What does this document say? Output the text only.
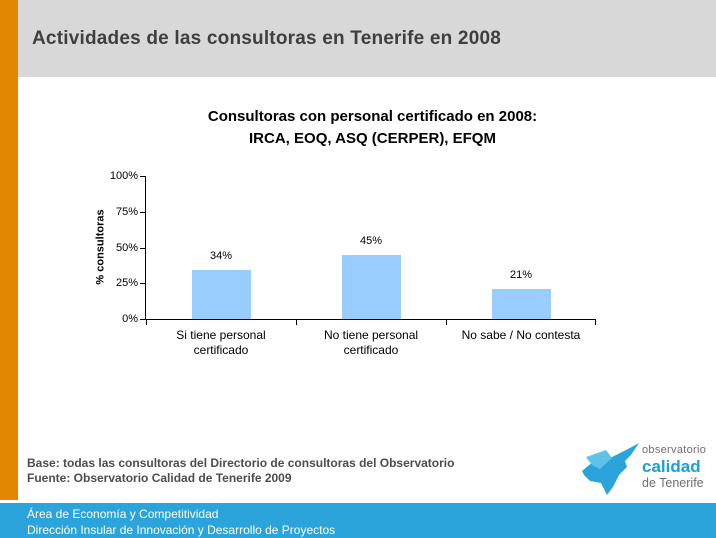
Actividades de las consultoras en Tenerife en 2008
Consultoras con personal certificado en 2008:
IRCA, EOQ, ASQ (CERPER), EFQM
% consultoras
0%
25%
50%
75%
100%
34%
Si tiene personal certificado
45%
No tiene personal certificado
21%
No sabe / No contesta
Base: todas las consultoras del Directorio de consultoras del Observatorio
Fuente: Observatorio Calidad de Tenerife 2009
observatorio
calidad
de Tenerife
Área de Economía y Competitividad
Dirección Insular de Innovación y Desarrollo de Proyectos
